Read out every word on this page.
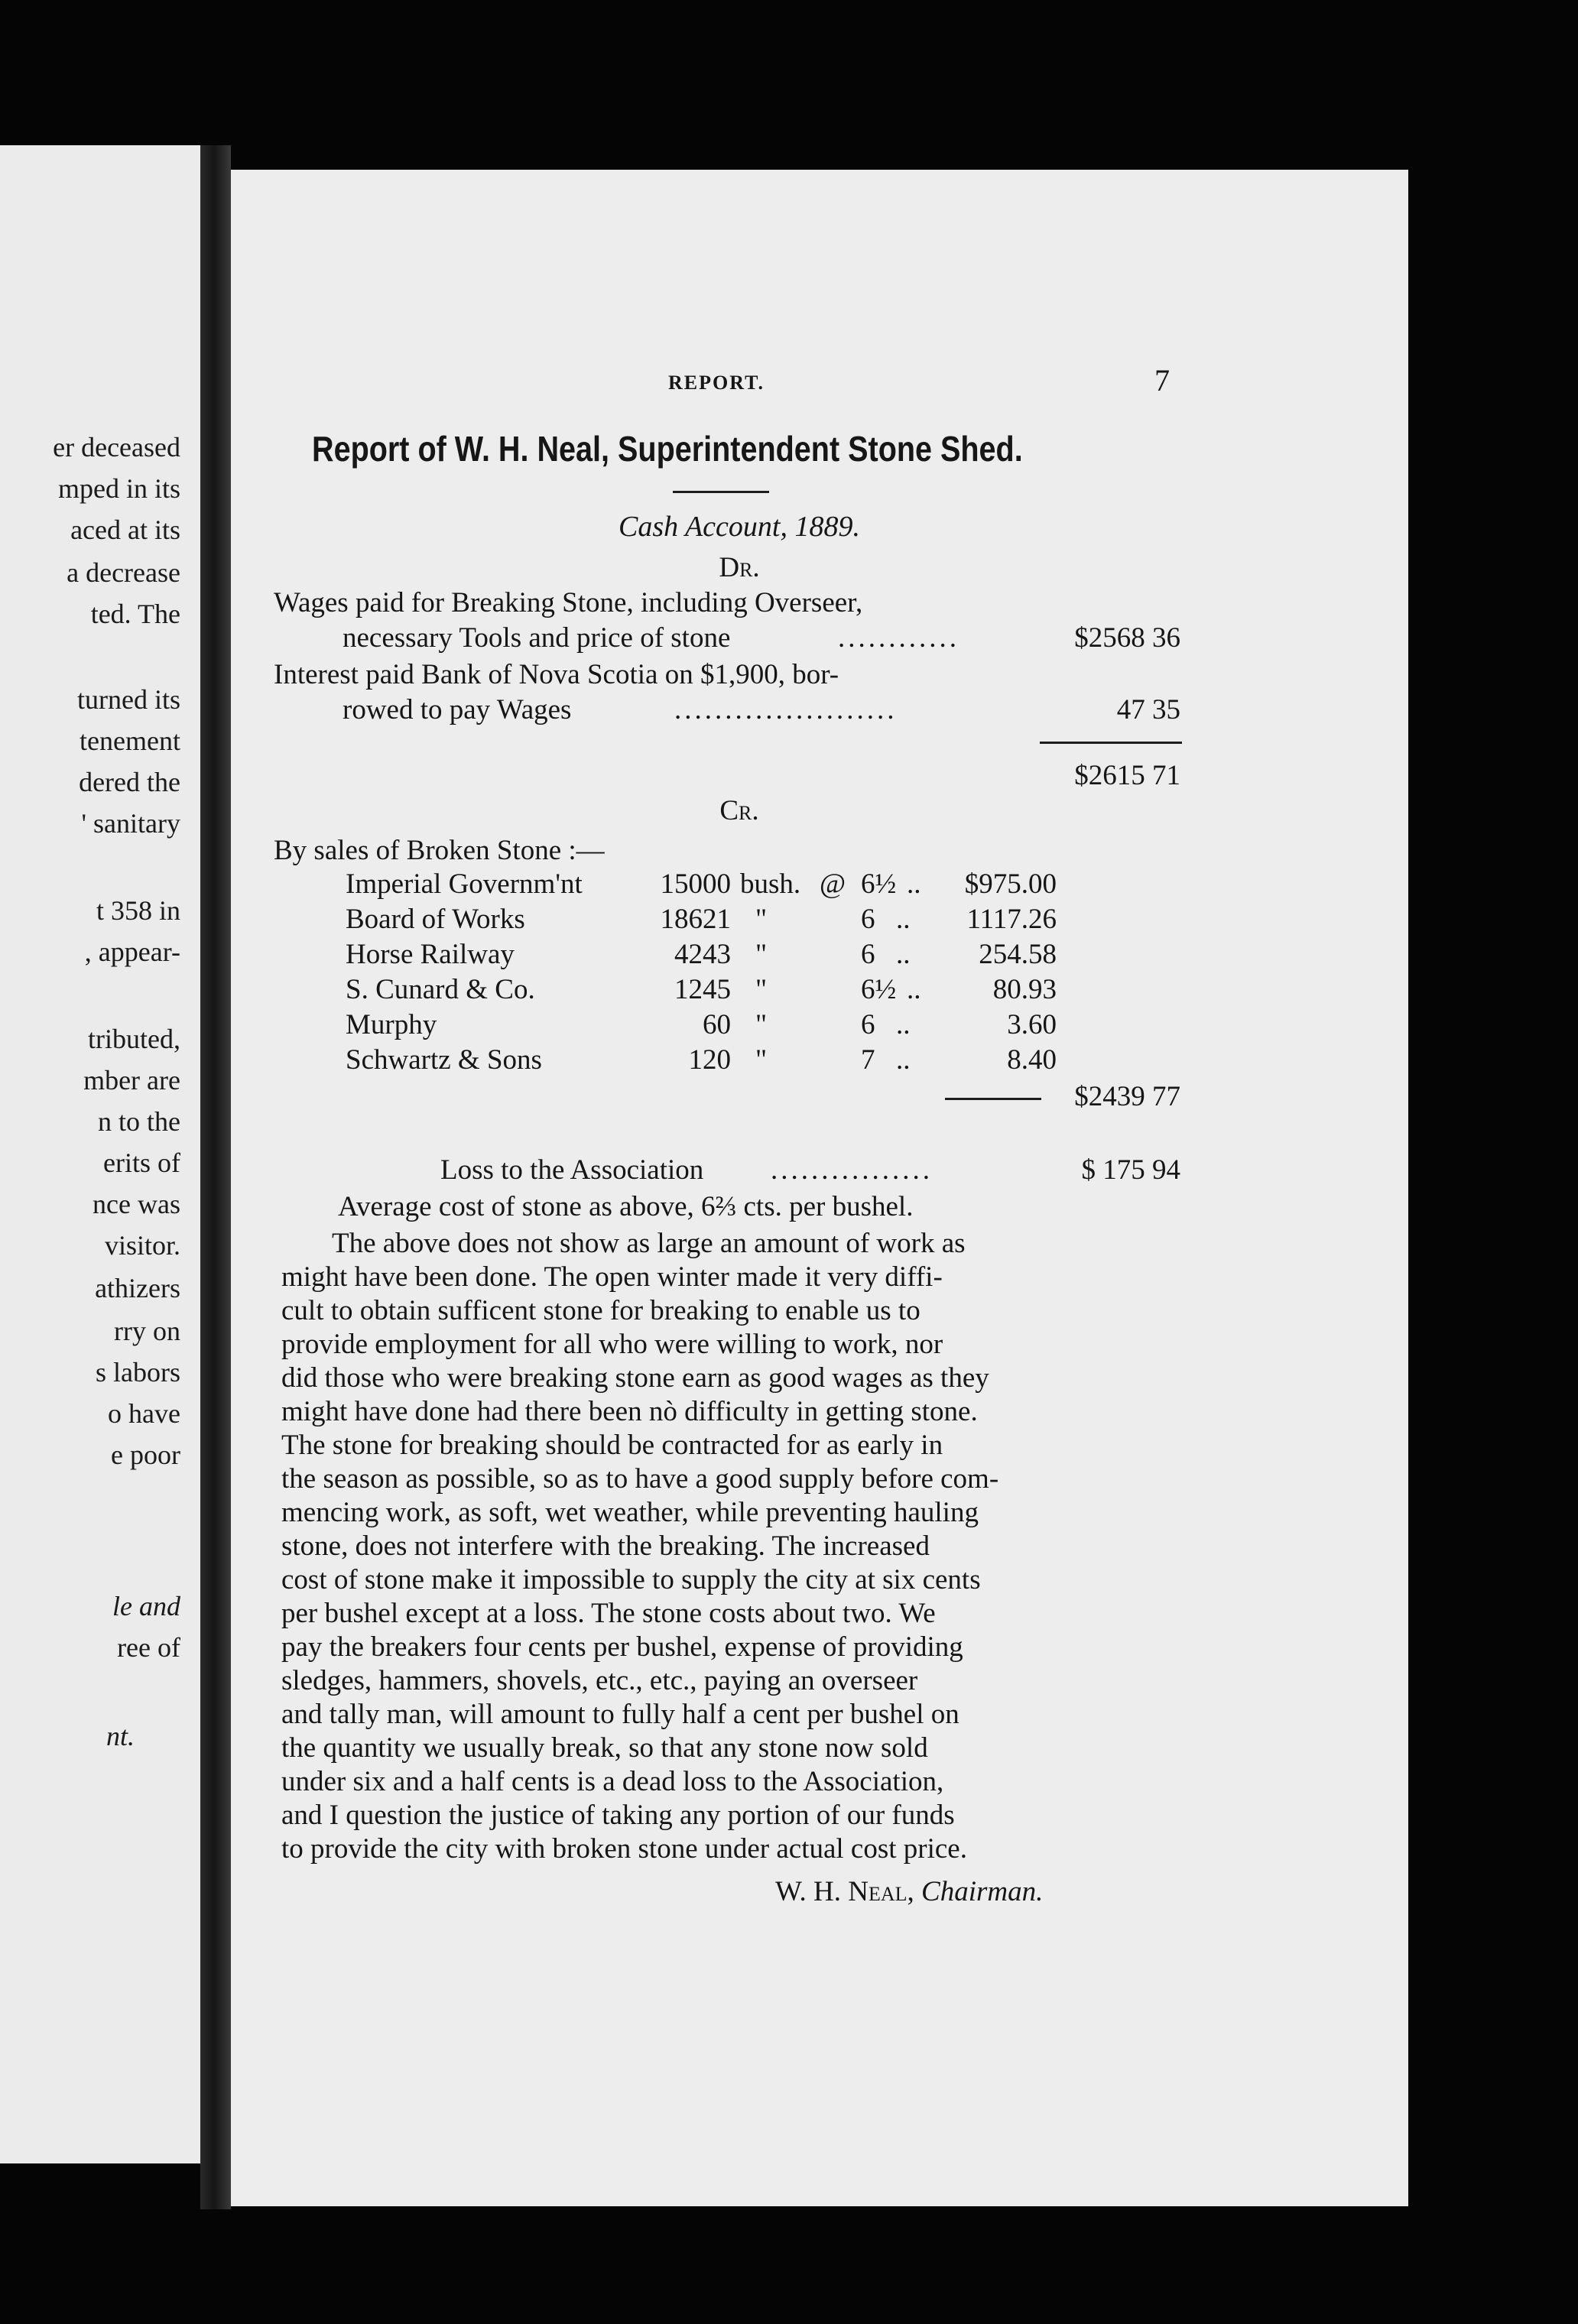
er deceased
mped in its
aced at its
a decrease
ted. The
turned its
tenement
dered the
' sanitary
t 358 in
, appear-
tributed,
mber are
n to the
erits of
nce was
visitor.
athizers
rry on
s labors
o have
e poor
le and
ree of
nt.
REPORT.	7
Report of W. H. Neal, Superintendent Stone Shed.
Cash Account, 1889.
Dr.
Wages paid for Breaking Stone, including Overseer,
necessary Tools and price of stone	............	$2568 36
Interest paid Bank of Nova Scotia on $1,900, bor-
rowed to pay Wages	......................	47 35
$2615 71
Cr.
By sales of Broken Stone :—
Imperial Governm'nt	15000 bush. @ 6½ ..	$975.00
Board of Works	18621 "	6 ..	1117.26
Horse Railway	4243 "	6 ..	254.58
S. Cunard & Co.	1245 "	6½ ..	80.93
Murphy	60 "	6 ..	3.60
Schwartz & Sons	120 "	7 ..	8.40
$2439 77
Loss to the Association ................	$ 175 94
Average cost of stone as above, 6⅔ cts. per bushel.
The above does not show as large an amount of work as
might have been done. The open winter made it very diffi-
cult to obtain sufficent stone for breaking to enable us to
provide employment for all who were willing to work, nor
did those who were breaking stone earn as good wages as they
might have done had there been nò difficulty in getting stone.
The stone for breaking should be contracted for as early in
the season as possible, so as to have a good supply before com-
mencing work, as soft, wet weather, while preventing hauling
stone, does not interfere with the breaking. The increased
cost of stone make it impossible to supply the city at six cents
per bushel except at a loss. The stone costs about two. We
pay the breakers four cents per bushel, expense of providing
sledges, hammers, shovels, etc., etc., paying an overseer
and tally man, will amount to fully half a cent per bushel on
the quantity we usually break, so that any stone now sold
under six and a half cents is a dead loss to the Association,
and I question the justice of taking any portion of our funds
to provide the city with broken stone under actual cost price.
W. H. Neal, Chairman.
